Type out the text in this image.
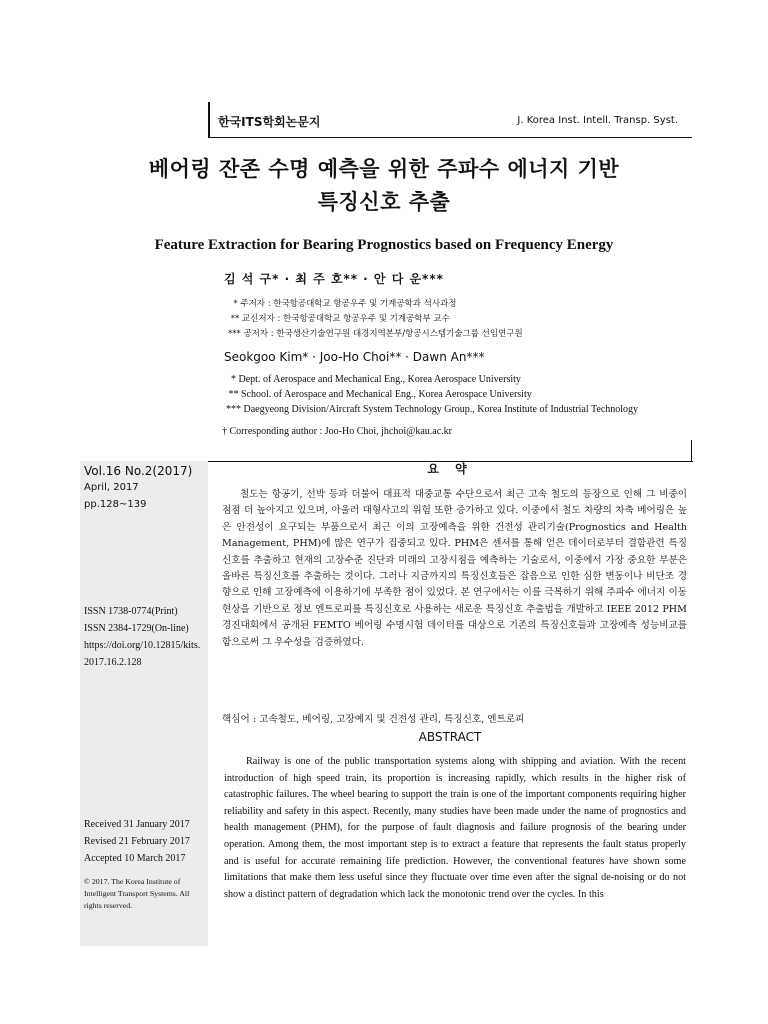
한국ITS학회논문지	J. Korea Inst. Intell. Transp. Syst.
베어링 잔존 수명 예측을 위한 주파수 에너지 기반
특징신호 추출
Feature Extraction for Bearing Prognostics based on Frequency Energy
김 석 구* · 최 주 호** · 안 다 운***
* 주저자 : 한국항공대학교 항공우주 및 기계공학과 석사과정
** 교신저자 : 한국항공대학교 항공우주 및 기계공학부 교수
*** 공저자 : 한국생산기술연구원 대경지역본부/항공시스템기술그룹 선임연구원
Seokgoo Kim* · Joo-Ho Choi** · Dawn An***
* Dept. of Aerospace and Mechanical Eng., Korea Aerospace University
** School. of Aerospace and Mechanical Eng., Korea Aerospace University
*** Daegyeong Division/Aircraft System Technology Group., Korea Institute of Industrial Technology
† Corresponding author : Joo-Ho Choi, jhchoi@kau.ac.kr
Vol.16 No.2(2017)
April, 2017
pp.128~139
ISSN 1738-0774(Print)
ISSN 2384-1729(On-line)
https://doi.org/10.12815/kits.
2017.16.2.128
Received 31 January 2017
Revised 21 February 2017
Accepted 10 March 2017
© 2017. The Korea Institute of Intelligent Transport Systems. All rights reserved.
요 약
철도는 항공기, 선박 등과 더불어 대표적 대중교통 수단으로서 최근 고속 철도의 등장으로 인해 그 비중이 점점 더 높아지고 있으며, 아울러 대형사고의 위험 또한 증가하고 있다. 이중에서 철도 차량의 차축 베어링은 높은 안전성이 요구되는 부품으로서 최근 이의 고장예측을 위한 건전성 관리기술(Prognostics and Health Management, PHM)에 많은 연구가 집중되고 있다. PHM은 센서를 통해 얻은 데이터로부터 결함관련 특징신호를 추출하고 현재의 고장수준 진단과 미래의 고장시점을 예측하는 기술로서, 이중에서 가장 중요한 부분은 올바른 특징신호를 추출하는 것이다. 그러나 지금까지의 특징신호들은 잡음으로 인한 심한 변동이나 비단조 경향으로 인해 고장예측에 이용하기에 부족한 점이 있었다. 본 연구에서는 이를 극복하기 위해 주파수 에너지 이동현상을 기반으로 정보 엔트로피를 특징신호로 사용하는 새로운 특징신호 추출법을 개발하고 IEEE 2012 PHM 경진대회에서 공개된 FEMTO 베어링 수명시험 데이터를 대상으로 기존의 특징신호들과 고장예측 성능비교를 함으로써 그 우수성을 검증하였다.
핵심어 : 고속철도, 베어링, 고장예지 및 건전성 관리, 특징신호, 엔트로피
ABSTRACT
Railway is one of the public transportation systems along with shipping and aviation. With the recent introduction of high speed train, its proportion is increasing rapidly, which results in the higher risk of catastrophic failures. The wheel bearing to support the train is one of the important components requiring higher reliability and safety in this aspect. Recently, many studies have been made under the name of prognostics and health management (PHM), for the purpose of fault diagnosis and failure prognosis of the bearing under operation. Among them, the most important step is to extract a feature that represents the fault status properly and is useful for accurate remaining life prediction. However, the conventional features have shown some limitations that make them less useful since they fluctuate over time even after the signal de-noising or do not show a distinct pattern of degradation which lack the monotonic trend over the cycles. In this
